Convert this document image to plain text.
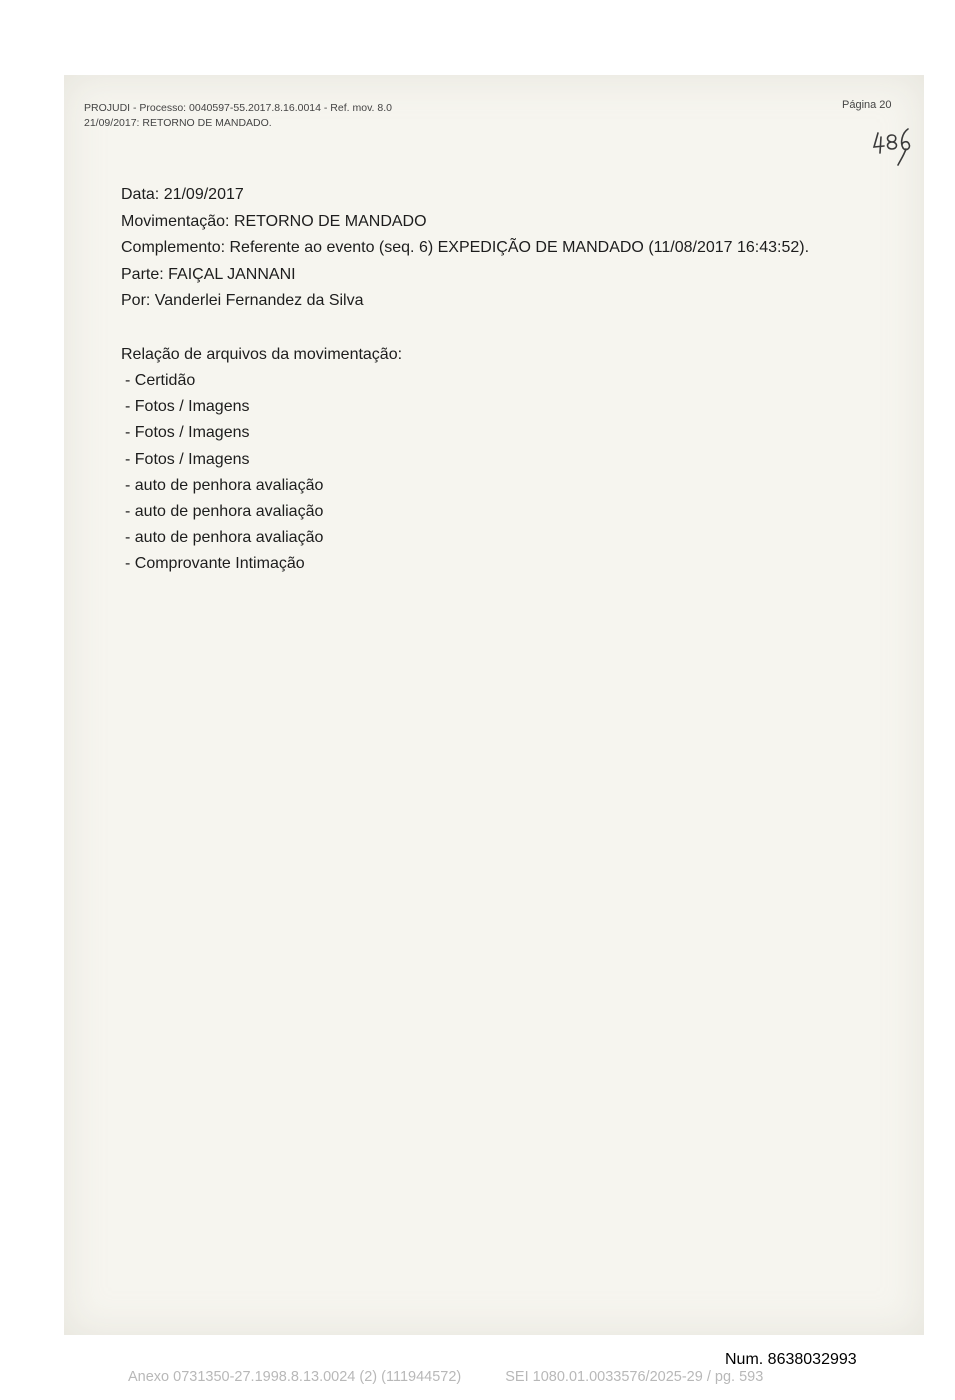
PROJUDI - Processo: 0040597-55.2017.8.16.0014 - Ref. mov. 8.0
21/09/2017: RETORNO DE MANDADO.
Página 20
Data: 21/09/2017
Movimentação: RETORNO DE MANDADO
Complemento: Referente ao evento (seq. 6) EXPEDIÇÃO DE MANDADO (11/08/2017 16:43:52).
Parte: FAIÇAL JANNANI
Por: Vanderlei Fernandez da Silva
Relação de arquivos da movimentação:
- Certidão
- Fotos / Imagens
- Fotos / Imagens
- Fotos / Imagens
- auto de penhora avaliação
- auto de penhora avaliação
- auto de penhora avaliação
- Comprovante Intimação
Num. 8638032993
Anexo 0731350-27.1998.8.13.0024 (2) (111944572)	SEI 1080.01.0033576/2025-29 / pg. 593
